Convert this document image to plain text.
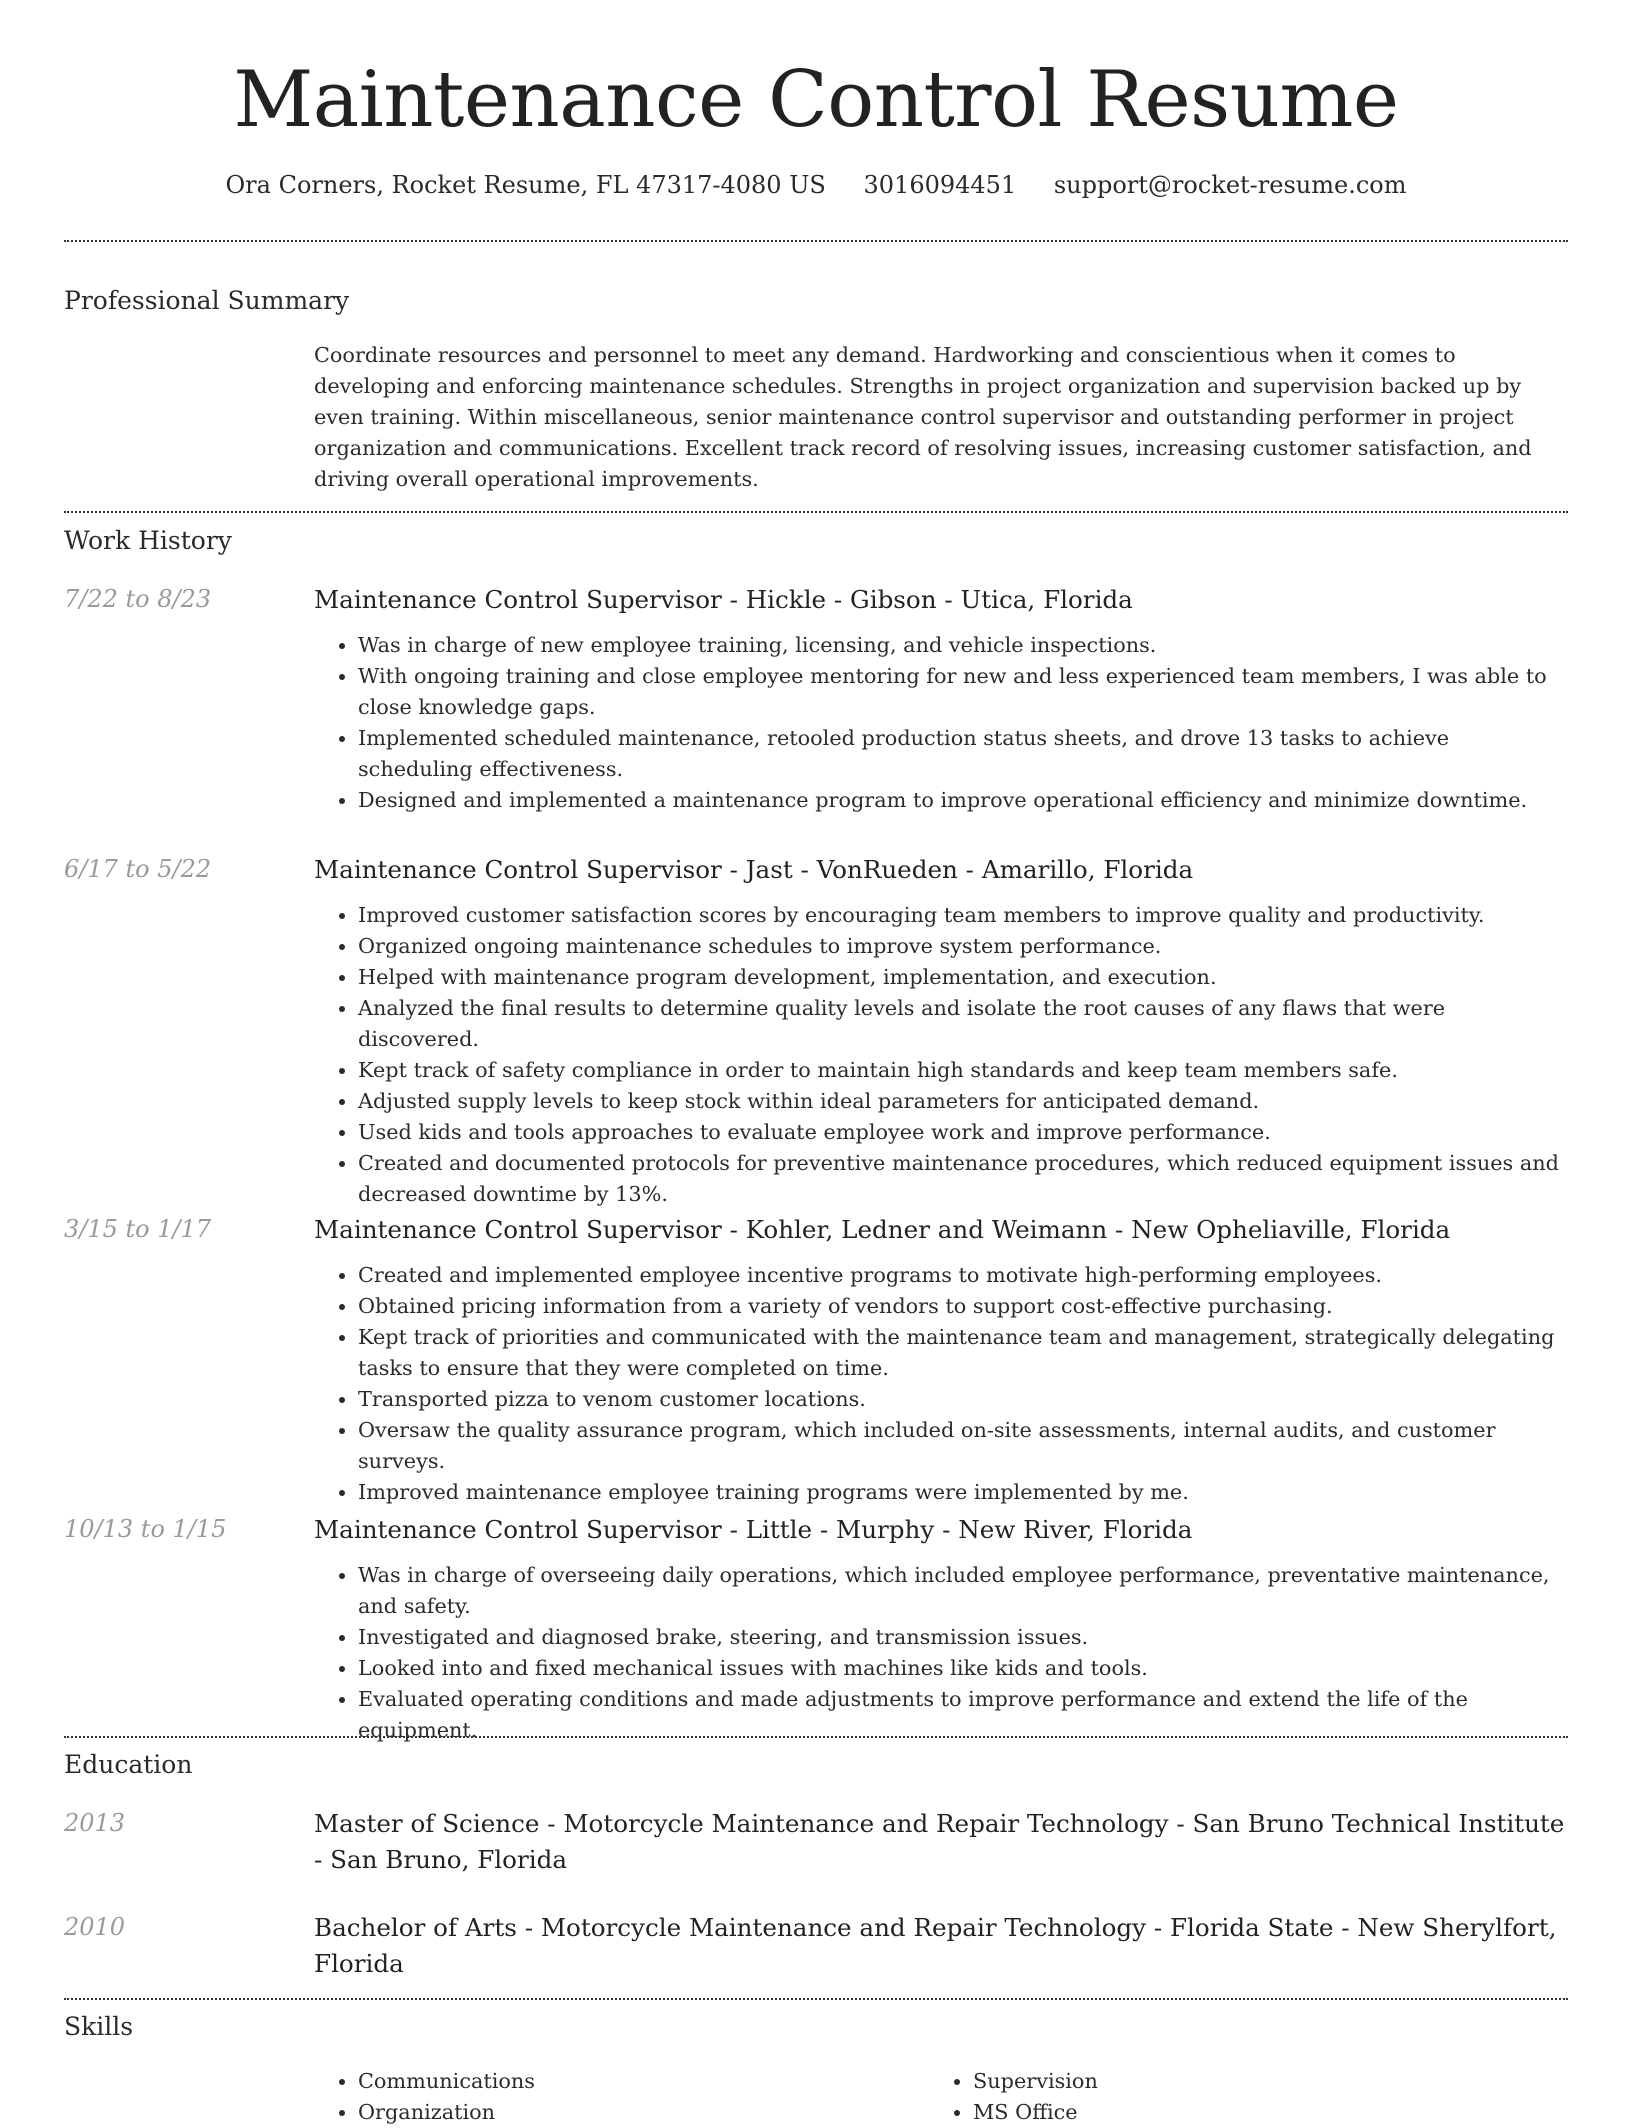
Maintenance Control Resume
Ora Corners, Rocket Resume, FL 47317-4080 US 3016094451 support@rocket-resume.com
Professional Summary

Coordinate resources and personnel to meet any demand. Hardworking and conscientious when it comes to developing and enforcing maintenance schedules. Strengths in project organization and supervision backed up by even training. Within miscellaneous, senior maintenance control supervisor and outstanding performer in project organization and communications. Excellent track record of resolving issues, increasing customer satisfaction, and driving overall operational improvements.

Work History
7/22 to 8/23	Maintenance Control Supervisor - Hickle - Gibson - Utica, Florida
• Was in charge of new employee training, licensing, and vehicle inspections.
• With ongoing training and close employee mentoring for new and less experienced team members, I was able to close knowledge gaps.
• Implemented scheduled maintenance, retooled production status sheets, and drove 13 tasks to achieve scheduling effectiveness.
• Designed and implemented a maintenance program to improve operational efficiency and minimize downtime.
6/17 to 5/22	Maintenance Control Supervisor - Jast - VonRueden - Amarillo, Florida
• Improved customer satisfaction scores by encouraging team members to improve quality and productivity.
• Organized ongoing maintenance schedules to improve system performance.
• Helped with maintenance program development, implementation, and execution.
• Analyzed the final results to determine quality levels and isolate the root causes of any flaws that were discovered.
• Kept track of safety compliance in order to maintain high standards and keep team members safe.
• Adjusted supply levels to keep stock within ideal parameters for anticipated demand.
• Used kids and tools approaches to evaluate employee work and improve performance.
• Created and documented protocols for preventive maintenance procedures, which reduced equipment issues and decreased downtime by 13%.
3/15 to 1/17	Maintenance Control Supervisor - Kohler, Ledner and Weimann - New Opheliaville, Florida
• Created and implemented employee incentive programs to motivate high-performing employees.
• Obtained pricing information from a variety of vendors to support cost-effective purchasing.
• Kept track of priorities and communicated with the maintenance team and management, strategically delegating tasks to ensure that they were completed on time.
• Transported pizza to venom customer locations.
• Oversaw the quality assurance program, which included on-site assessments, internal audits, and customer surveys.
• Improved maintenance employee training programs were implemented by me.
10/13 to 1/15	Maintenance Control Supervisor - Little - Murphy - New River, Florida
• Was in charge of overseeing daily operations, which included employee performance, preventative maintenance, and safety.
• Investigated and diagnosed brake, steering, and transmission issues.
• Looked into and fixed mechanical issues with machines like kids and tools.
• Evaluated operating conditions and made adjustments to improve performance and extend the life of the equipment.
Education
2013	Master of Science - Motorcycle Maintenance and Repair Technology - San Bruno Technical Institute - San Bruno, Florida
2010	Bachelor of Arts - Motorcycle Maintenance and Repair Technology - Florida State - New Sherylfort, Florida
Skills
• Communications
• Organization
• Supervision
• MS Office
